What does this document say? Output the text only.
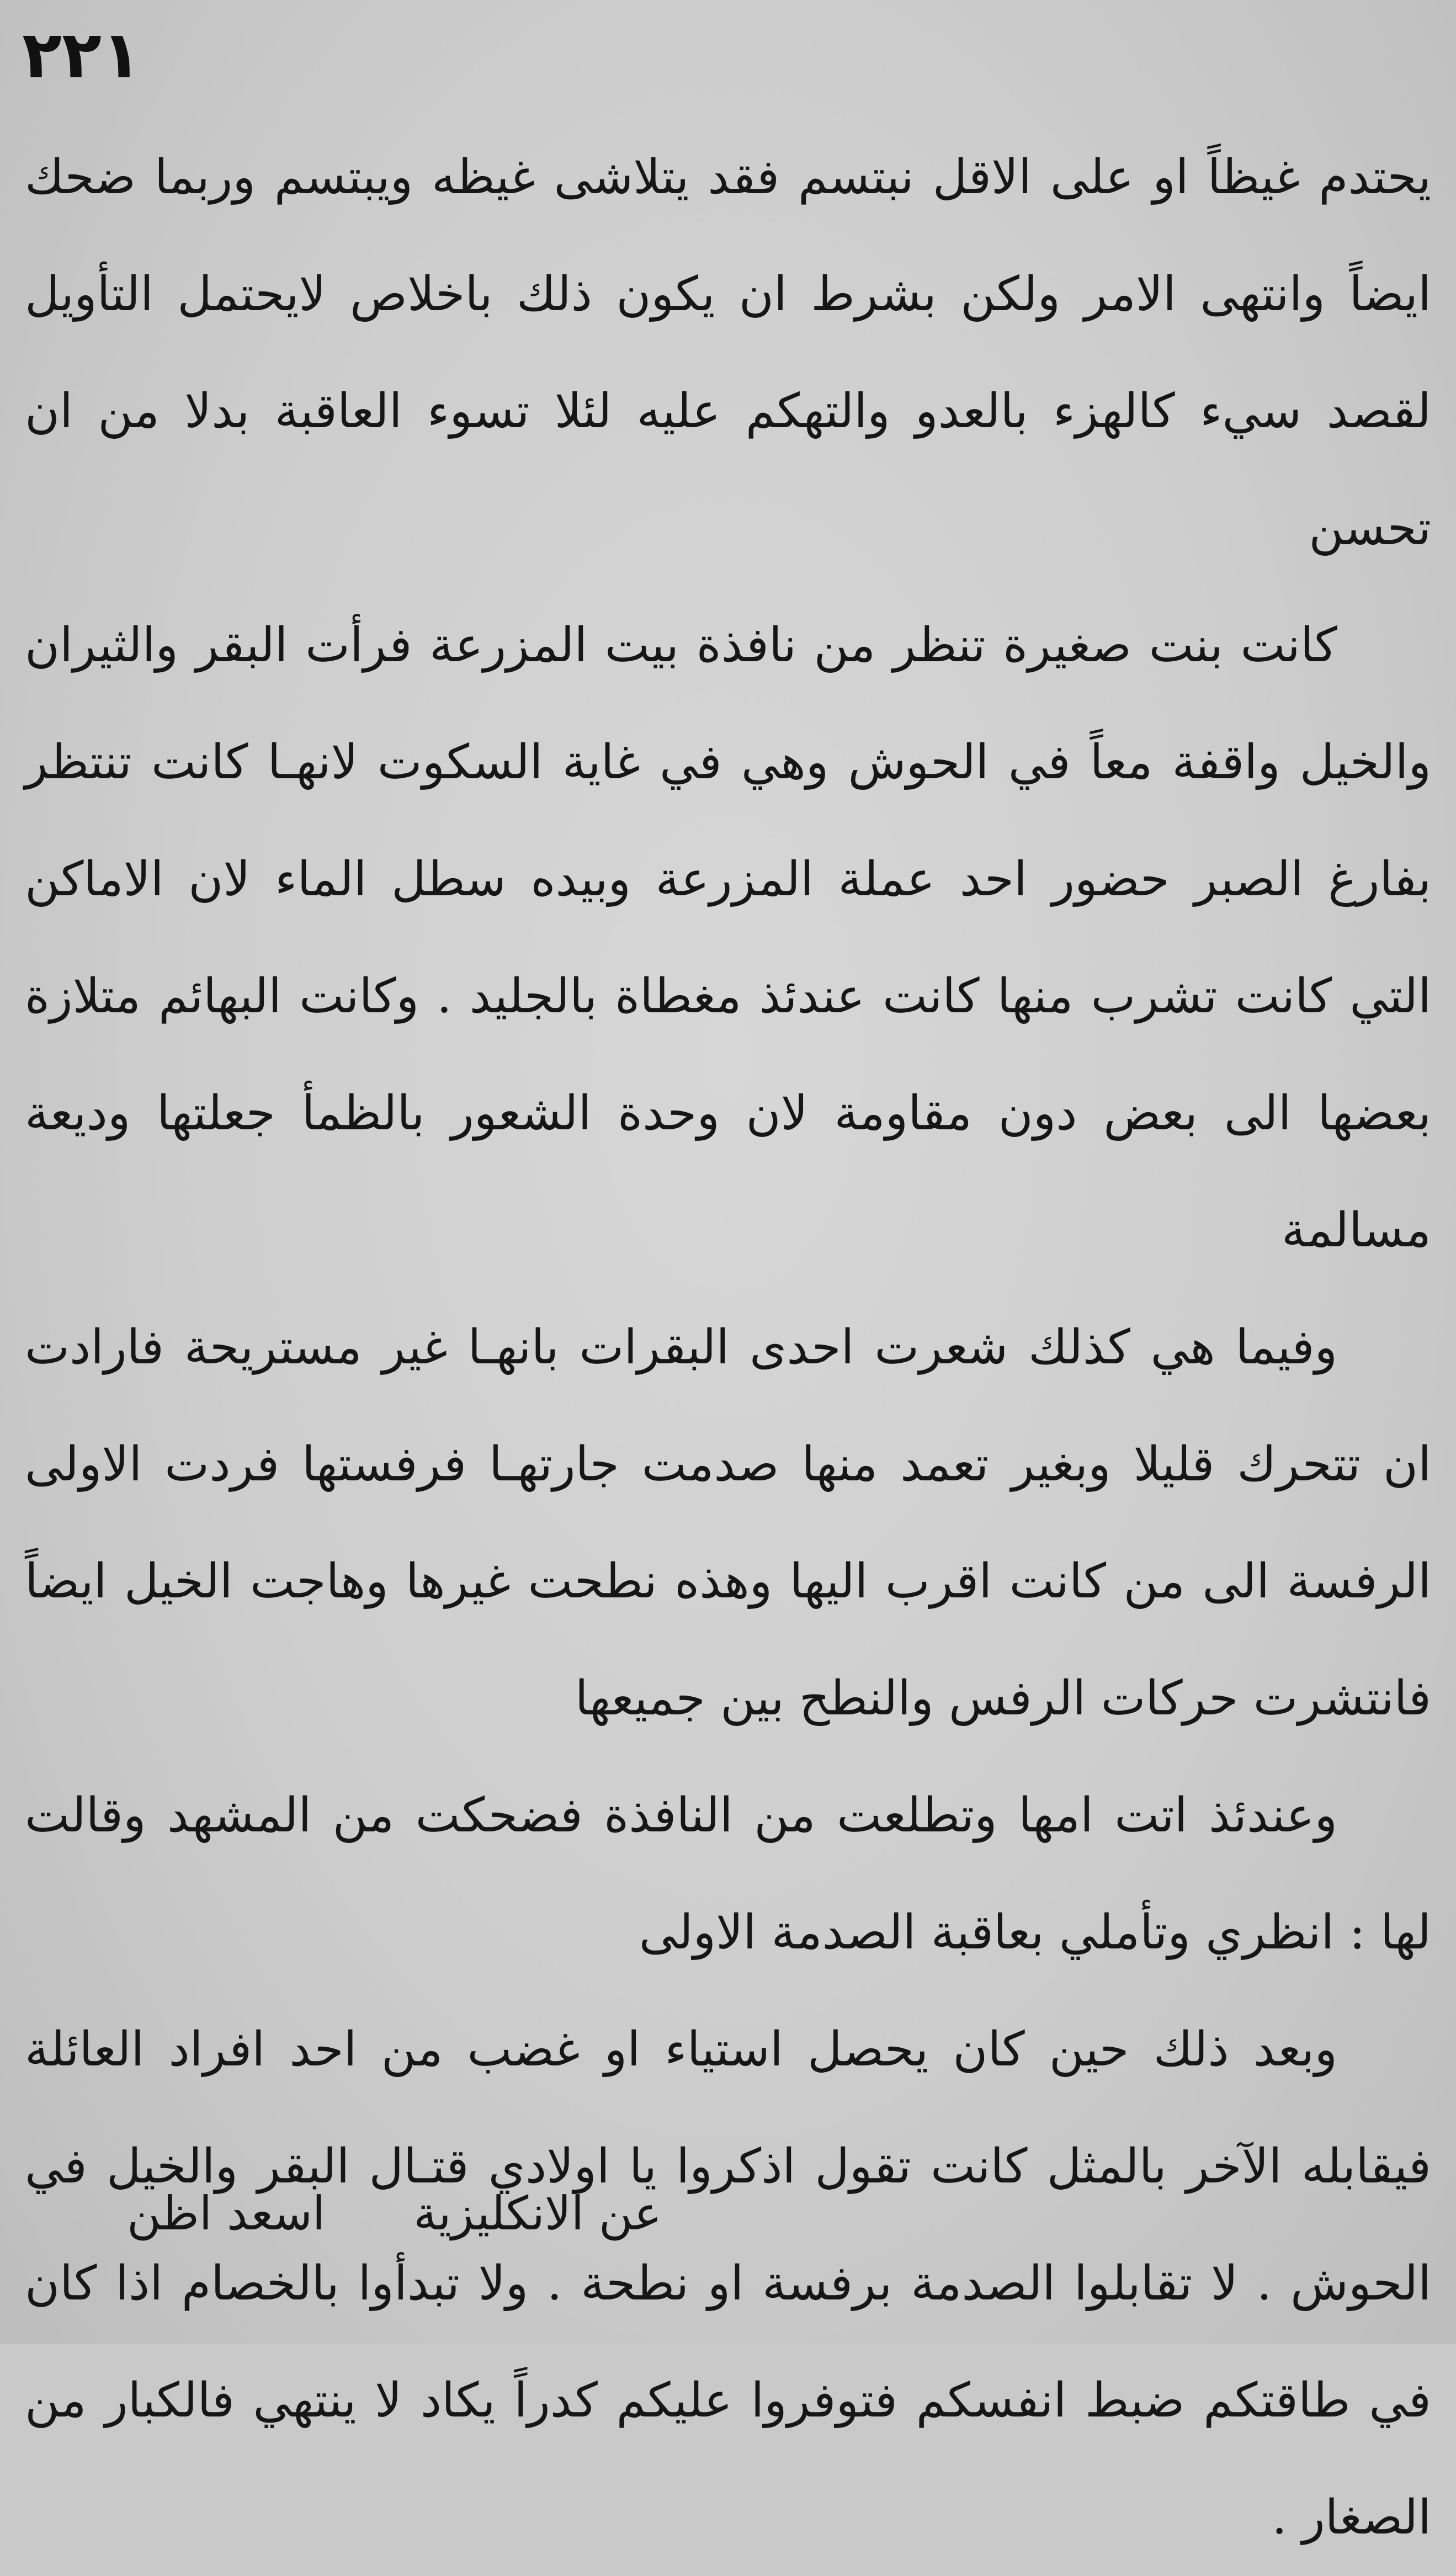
٢٢١

يحتدم غيظاً او على الاقل نبتسم فقد يتلاشى غيظه ويبتسم وربما ضحك ايضاً وانتهى الامر ولكن بشرط ان يكون ذلك باخلاص لايحتمل التأويل لقصد سيء كالهزء بالعدو والتهكم عليه لئلا تسوء العاقبة بدلا من ان تحسن

كانت بنت صغيرة تنظر من نافذة بيت المزرعة فرأت البقر والثيران والخيل واقفة معاً في الحوش وهي في غاية السكوت لانهـا كانت تنتظر بفارغ الصبر حضور احد عملة المزرعة وبيده سطل الماء لان الاماكن التي كانت تشرب منها كانت عندئذ مغطاة بالجليد . وكانت البهائم متلازة بعضها الى بعض دون مقاومة لان وحدة الشعور بالظمأ جعلتها وديعة مسالمة

وفيما هي كذلك شعرت احدى البقرات بانهـا غير مستريحة فارادت ان تتحرك قليلا وبغير تعمد منها صدمت جارتهـا فرفستها فردت الاولى الرفسة الى من كانت اقرب اليها وهذه نطحت غيرها وهاجت الخيل ايضاً فانتشرت حركات الرفس والنطح بين جميعها

وعندئذ اتت امها وتطلعت من النافذة فضحكت من المشهد وقالت لها : انظري وتأملي بعاقبة الصدمة الاولى

وبعد ذلك حين كان يحصل استياء او غضب من احد افراد العائلة فيقابله الآخر بالمثل كانت تقول اذكروا يا اولادي قتـال البقر والخيل في الحوش . لا تقابلوا الصدمة برفسة او نطحة . ولا تبدأوا بالخصام اذا كان في طاقتكم ضبط انفسكم فتوفروا عليكم كدراً يكاد لا ينتهي فالكبار من الصغار .

عن الانكليزيةاسعد اظن
